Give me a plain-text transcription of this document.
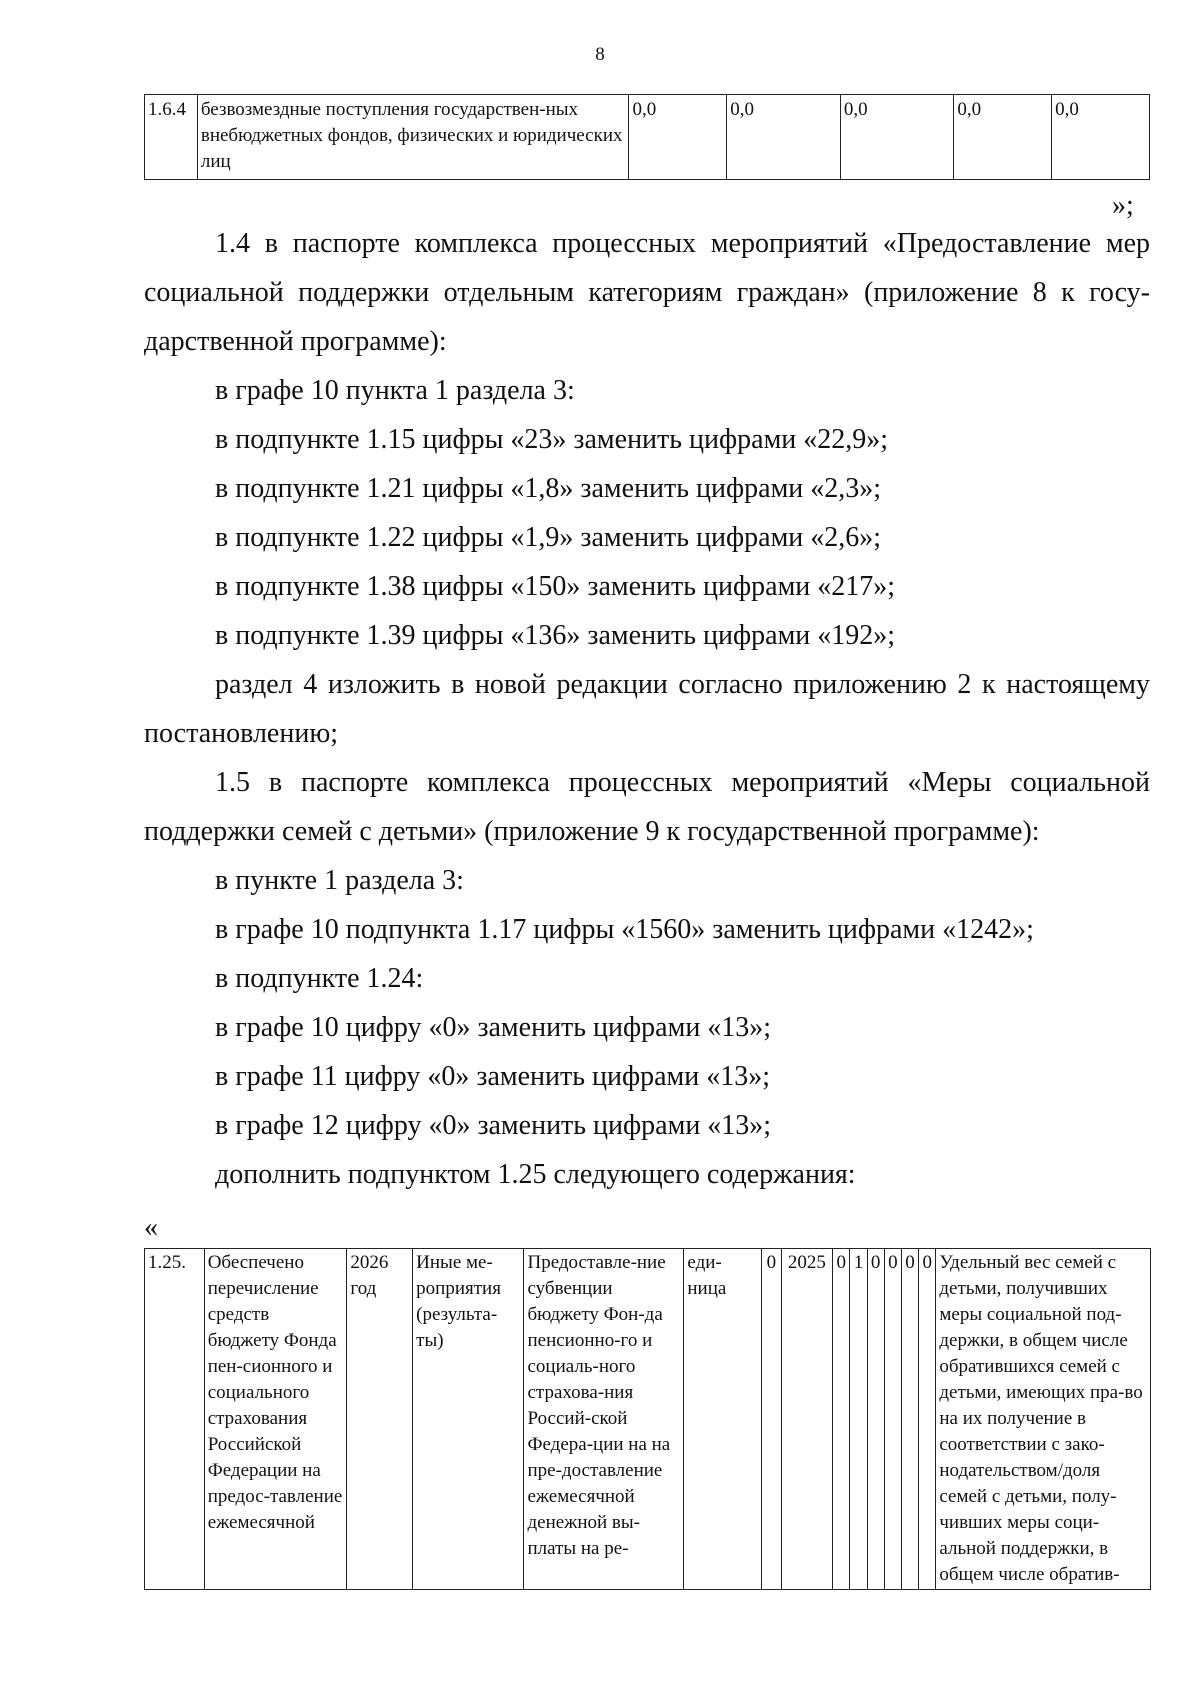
8
1.6.4	безвозмездные поступления государствен-ных внебюджетных фондов, физических и юридических лиц	0,0	0,0	0,0	0,0	0,0
»;
1.4 в паспорте комплекса процессных мероприятий «Предоставление мер
социальной поддержки отдельным категориям граждан» (приложение 8 к госу-
дарственной программе):
в графе 10 пункта 1 раздела 3:
в подпункте 1.15 цифры «23» заменить цифрами «22,9»;
в подпункте 1.21 цифры «1,8» заменить цифрами «2,3»;
в подпункте 1.22 цифры «1,9» заменить цифрами «2,6»;
в подпункте 1.38 цифры «150» заменить цифрами «217»;
в подпункте 1.39 цифры «136» заменить цифрами «192»;
раздел 4 изложить в новой редакции согласно приложению 2 к настоящему
постановлению;
1.5 в паспорте комплекса процессных мероприятий «Меры социальной
поддержки семей с детьми» (приложение 9 к государственной программе):
в пункте 1 раздела 3:
в графе 10 подпункта 1.17 цифры «1560» заменить цифрами «1242»;
в подпункте 1.24:
в графе 10 цифру «0» заменить цифрами «13»;
в графе 11 цифру «0» заменить цифрами «13»;
в графе 12 цифру «0» заменить цифрами «13»;
дополнить подпунктом 1.25 следующего содержания:
«
1.25.	Обеспечено перечисление средств бюджету Фонда пен-сионного и социального страхования Российской Федерации на предос-тавление ежемесячной	2026 год	Иные ме-роприятия (результа-ты)	Предоставле-ние субвенции бюджету Фон-да пенсионно-го и социаль-ного страхова-ния Россий-ской Федера-ции на на пре-доставление ежемесячной денежной вы-платы на ре-	еди-ница	0	2025	0	1	0	0	0	0	Удельный вес семей с детьми, получивших меры социальной под-держки, в общем числе обратившихся семей с детьми, имеющих пра-во на их получение в соответствии с зако-нодательством/доля семей с детьми, полу-чивших меры соци-альной поддержки, в общем числе обратив-
